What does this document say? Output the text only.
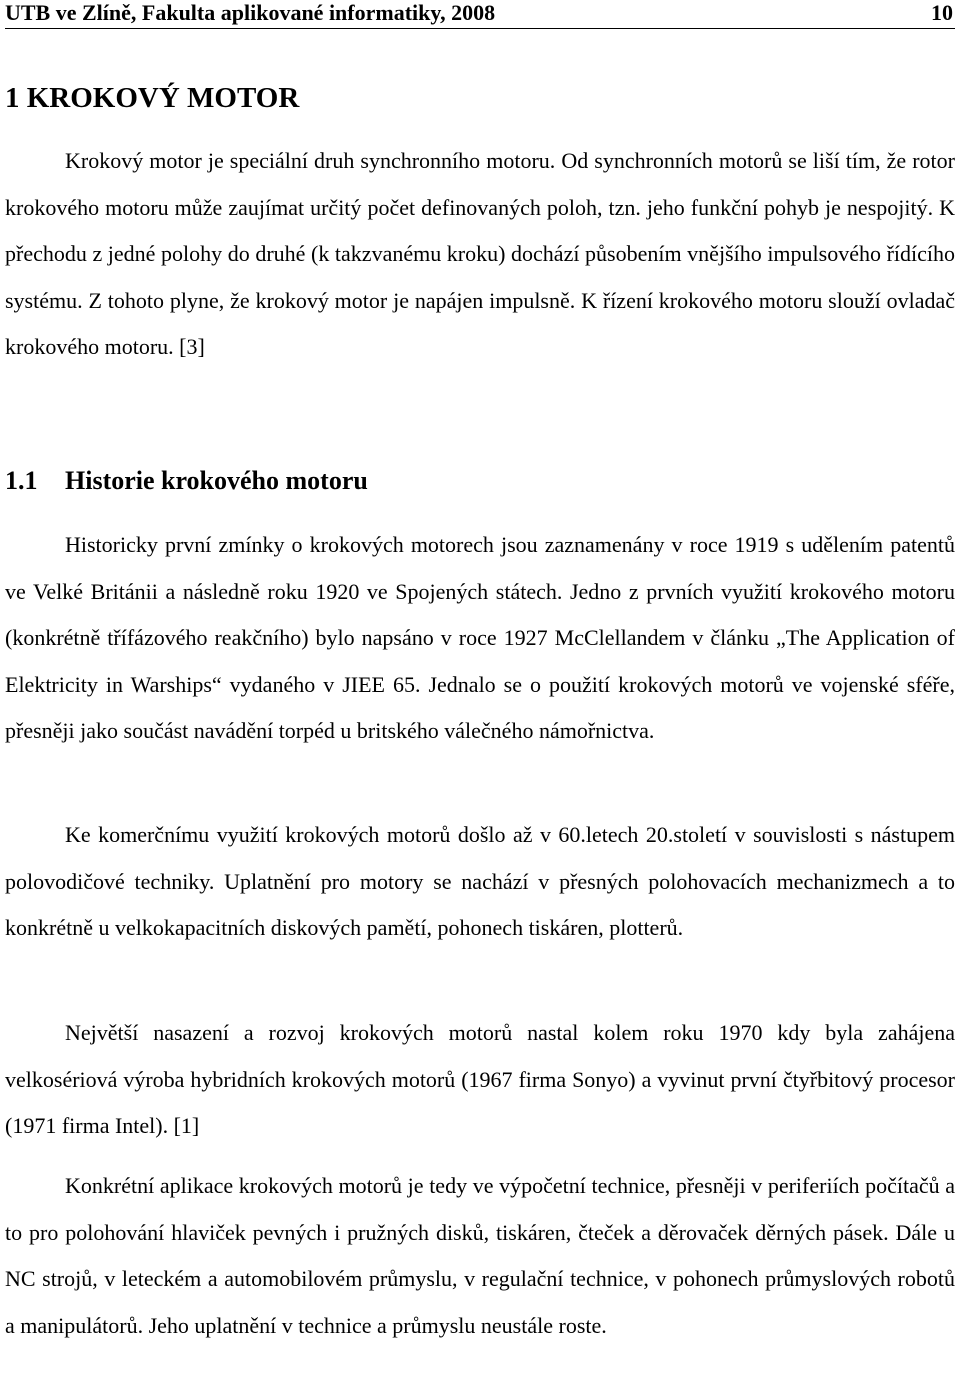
UTB ve Zlíně, Fakulta aplikované informatiky, 2008	10
1 KROKOVÝ MOTOR

Krokový motor je speciální druh synchronního motoru. Od synchronních motorů se liší tím, že rotor krokového motoru může zaujímat určitý počet definovaných poloh, tzn. jeho funkční pohyb je nespojitý. K přechodu z jedné polohy do druhé (k takzvanému kroku) dochází působením vnějšího impulsového řídícího systému. Z tohoto plyne, že krokový motor je napájen impulsně. K řízení krokového motoru slouží ovladač krokového motoru. [3]

1.1 Historie krokového motoru

Historicky první zmínky o krokových motorech jsou zaznamenány v roce 1919 s udělením patentů ve Velké Británii a následně roku 1920 ve Spojených státech. Jedno z prvních využití krokového motoru (konkrétně třífázového reakčního) bylo napsáno v roce 1927 McClellandem v článku „The Application of Elektricity in Warships“ vydaného v JIEE 65. Jednalo se o použití krokových motorů ve vojenské sféře, přesněji jako součást navádění torpéd u britského válečného námořnictva.

Ke komerčnímu využití krokových motorů došlo až v 60.letech 20.století v souvislosti s nástupem polovodičové techniky. Uplatnění pro motory se nachází v přesných polohovacích mechanizmech a to konkrétně u velkokapacitních diskových pamětí, pohonech tiskáren, plotterů.

Největší nasazení a rozvoj krokových motorů nastal kolem roku 1970 kdy byla zahájena velkosériová výroba hybridních krokových motorů (1967 firma Sonyo) a vyvinut první čtyřbitový procesor (1971 firma Intel). [1]

Konkrétní aplikace krokových motorů je tedy ve výpočetní technice, přesněji v periferiích počítačů a to pro polohování hlaviček pevných i pružných disků, tiskáren, čteček a děrovaček děrných pásek. Dále u NC strojů, v leteckém a automobilovém průmyslu, v regulační technice, v pohonech průmyslových robotů a manipulátorů. Jeho uplatnění v technice a průmyslu neustále roste.
